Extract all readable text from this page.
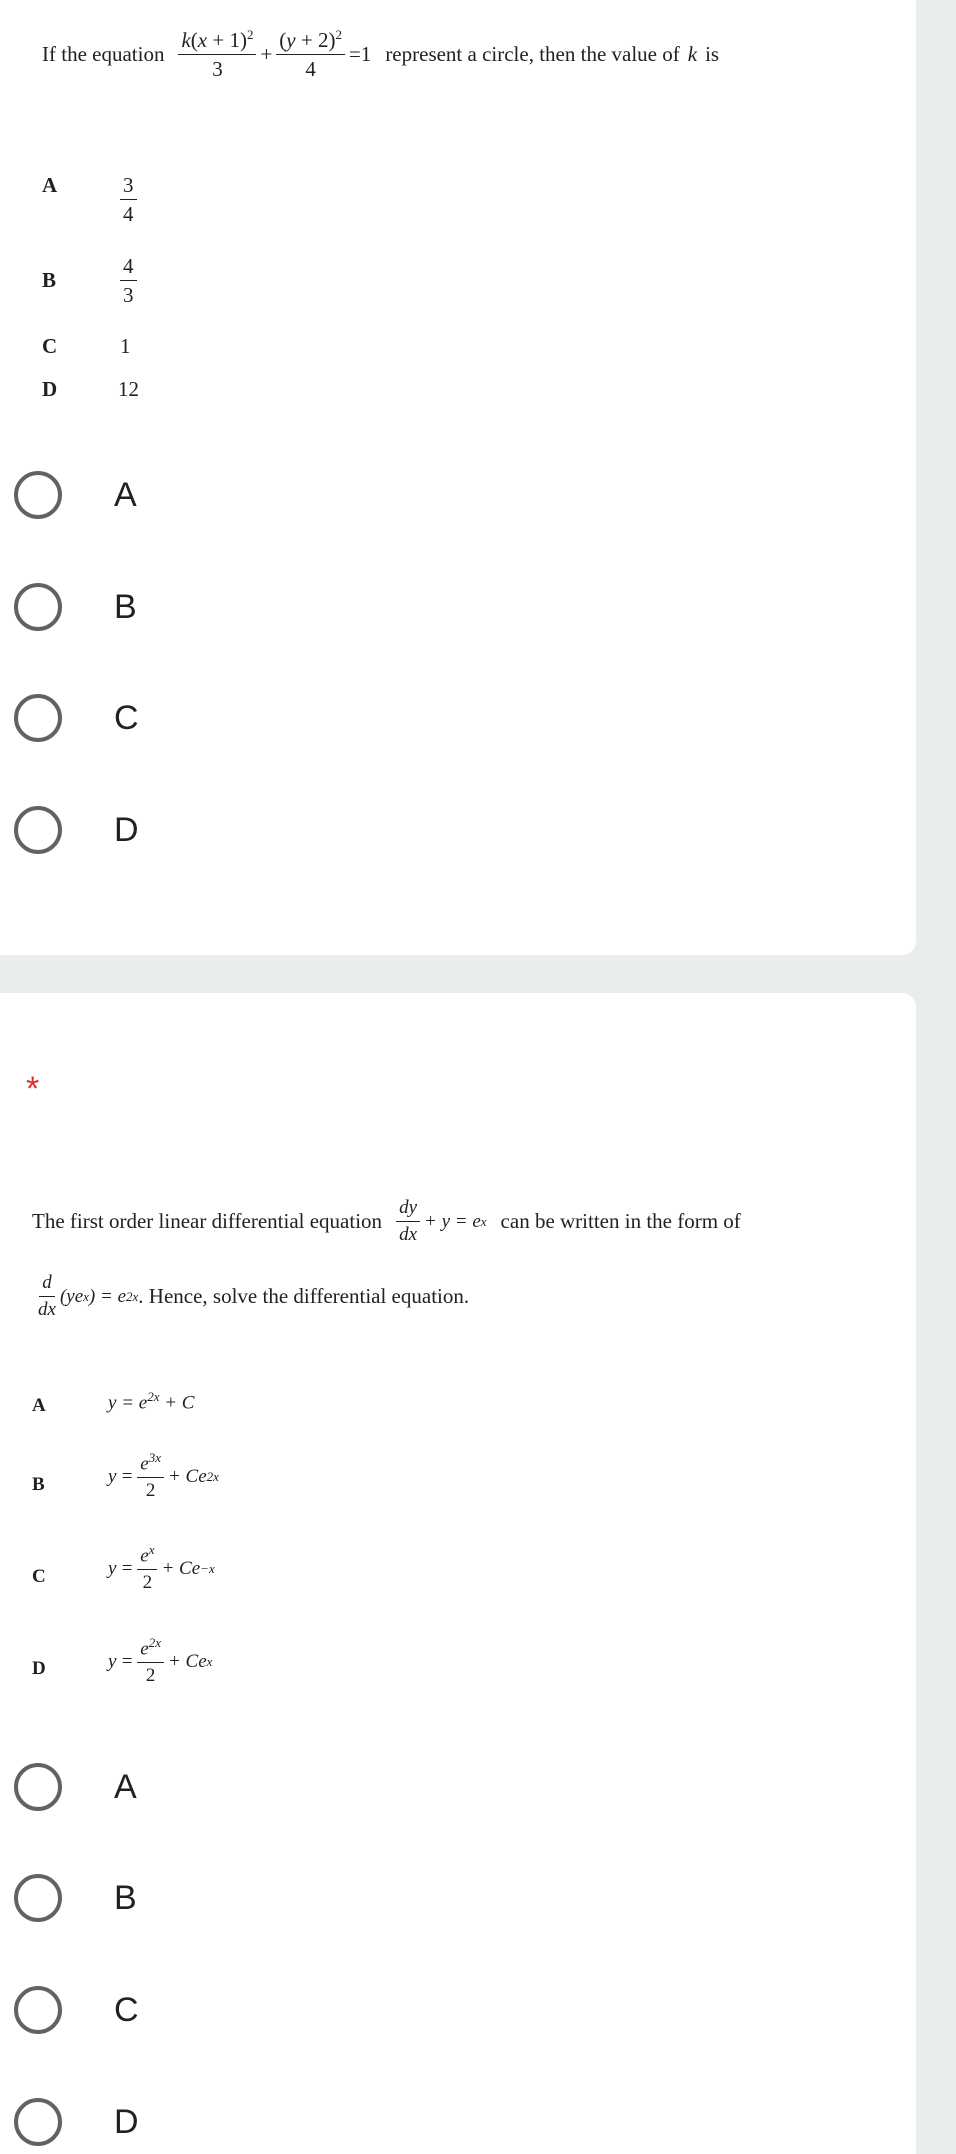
If the equation $\frac{k(x + 1)^2}{3} + \frac{(y + 2)^2}{4} =1$ represent a circle, then the value of k is
A	$\frac{3}{4}$
B	$\frac{4}{3}$
C	1
D	12
A
B
C
D
*
The first order linear differential equation $\frac{dy}{dx} + y = e$ x can be written in the form of
$\frac{d}{dx} (ye$ x ) = e 2x . Hence, solve the differential equation.
A	$y = e^{2x} + C$
B	$y = \frac{e^{3x}}{2} + Ce$ 2x
C	$y = \frac{e^x}{2} + Ce -x$
D	$y = \frac{e^{2x}}{2} + Ce$ x
A
B
C
D
